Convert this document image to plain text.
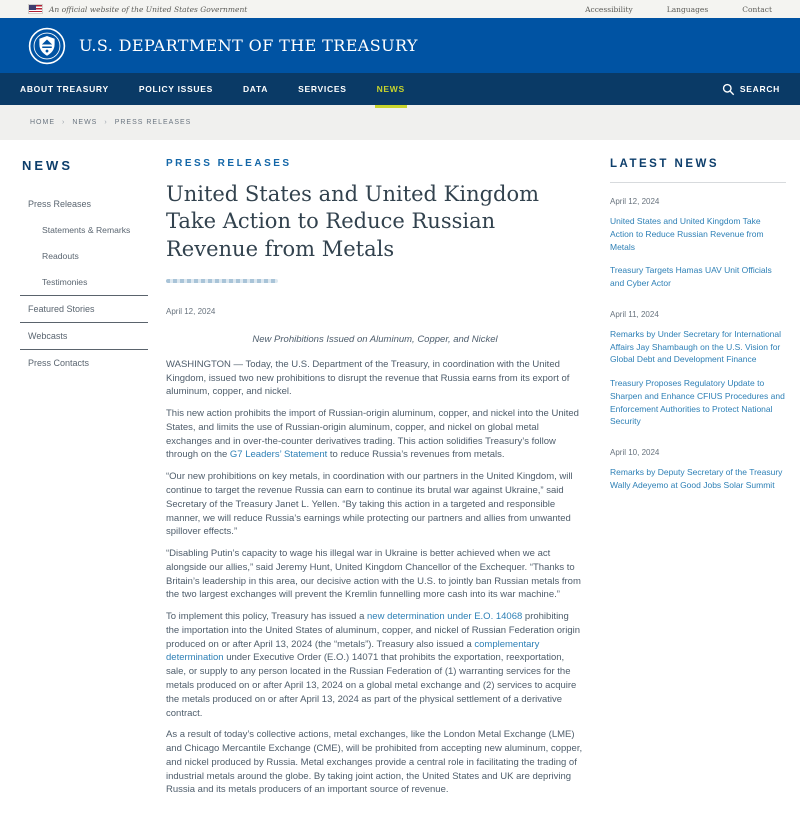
An official website of the United States Government	Accessibility	Languages	Contact
U.S. DEPARTMENT OF THE TREASURY
ABOUT TREASURY	POLICY ISSUES	DATA	SERVICES	NEWS	SEARCH
HOME › NEWS › PRESS RELEASES
NEWS
Press Releases
Statements & Remarks
Readouts
Testimonies
Featured Stories
Webcasts
Press Contacts
PRESS RELEASES
United States and United Kingdom Take Action to Reduce Russian Revenue from Metals
April 12, 2024
New Prohibitions Issued on Aluminum, Copper, and Nickel

WASHINGTON — Today, the U.S. Department of the Treasury, in coordination with the United Kingdom, issued two new prohibitions to disrupt the revenue that Russia earns from its export of aluminum, copper, and nickel.

This new action prohibits the import of Russian-origin aluminum, copper, and nickel into the United States, and limits the use of Russian-origin aluminum, copper, and nickel on global metal exchanges and in over-the-counter derivatives trading. This action solidifies Treasury’s follow through on the G7 Leaders’ Statement to reduce Russia’s revenues from metals.

“Our new prohibitions on key metals, in coordination with our partners in the United Kingdom, will continue to target the revenue Russia can earn to continue its brutal war against Ukraine,” said Secretary of the Treasury Janet L. Yellen. “By taking this action in a targeted and responsible manner, we will reduce Russia’s earnings while protecting our partners and allies from unwanted spillover effects.”

“Disabling Putin’s capacity to wage his illegal war in Ukraine is better achieved when we act alongside our allies,” said Jeremy Hunt, United Kingdom Chancellor of the Exchequer. “Thanks to Britain’s leadership in this area, our decisive action with the U.S. to jointly ban Russian metals from the two largest exchanges will prevent the Kremlin funnelling more cash into its war machine.”

To implement this policy, Treasury has issued a new determination under E.O. 14068 prohibiting the importation into the United States of aluminum, copper, and nickel of Russian Federation origin produced on or after April 13, 2024 (the “metals”). Treasury also issued a complementary determination under Executive Order (E.O.) 14071 that prohibits the exportation, reexportation, sale, or supply to any person located in the Russian Federation of (1) warranting services for the metals produced on or after April 13, 2024 on a global metal exchange and (2) services to acquire the metals produced on or after April 13, 2024 as part of the physical settlement of a derivative contract.

As a result of today’s collective actions, metal exchanges, like the London Metal Exchange (LME) and Chicago Mercantile Exchange (CME), will be prohibited from accepting new aluminum, copper, and nickel produced by Russia. Metal exchanges provide a central role in facilitating the trading of industrial metals around the globe. By taking joint action, the United States and UK are depriving Russia and its metals producers of an important source of revenue.

LATEST NEWS
April 12, 2024
United States and United Kingdom Take Action to Reduce Russian Revenue from Metals
Treasury Targets Hamas UAV Unit Officials and Cyber Actor
April 11, 2024
Remarks by Under Secretary for International Affairs Jay Shambaugh on the U.S. Vision for Global Debt and Development Finance
Treasury Proposes Regulatory Update to Sharpen and Enhance CFIUS Procedures and Enforcement Authorities to Protect National Security
April 10, 2024
Remarks by Deputy Secretary of the Treasury Wally Adeyemo at Good Jobs Solar Summit
